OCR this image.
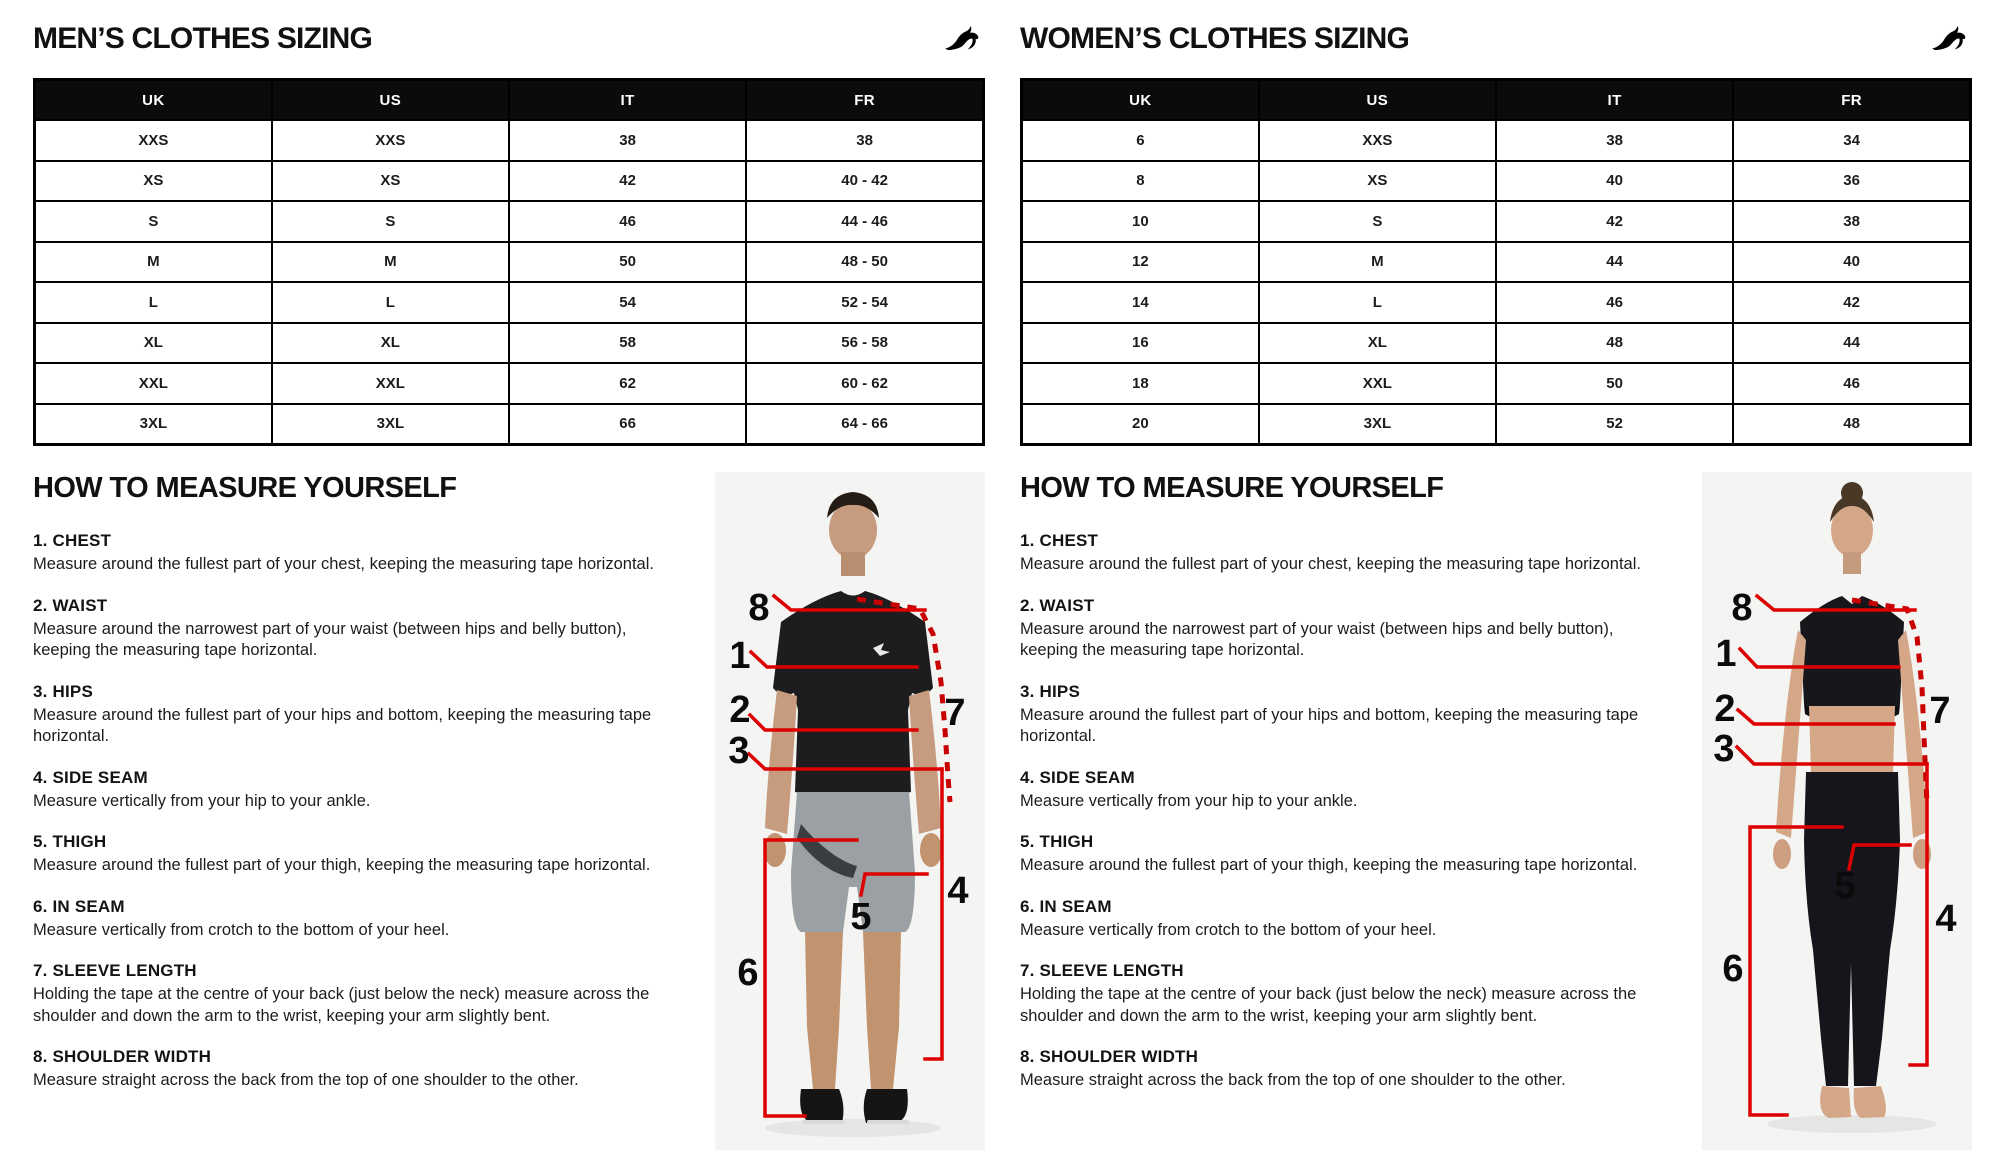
MEN’S CLOTHES SIZING
UK	US	IT	FR
XXS	XXS	38	38
XS	XS	42	40 - 42
S	S	46	44 - 46
M	M	50	48 - 50
L	L	54	52 - 54
XL	XL	58	56 - 58
XXL	XXL	62	60 - 62
3XL	3XL	66	64 - 66
HOW TO MEASURE YOURSELF
1. CHEST

Measure around the fullest part of your chest, keeping the measuring tape horizontal.

2. WAIST

Measure around the narrowest part of your waist (between hips and belly button), keeping the measuring tape horizontal.

3. HIPS

Measure around the fullest part of your hips and bottom, keeping the measuring tape horizontal.

4. SIDE SEAM

Measure vertically from your hip to your ankle.

5. THIGH

Measure around the fullest part of your thigh, keeping the measuring tape horizontal.

6. IN SEAM

Measure vertically from crotch to the bottom of your heel.

7. SLEEVE LENGTH

Holding the tape at the centre of your back (just below the neck) measure across the shoulder and down the arm to the wrist, keeping your arm slightly bent.

8. SHOULDER WIDTH

Measure straight across the back from the top of one shoulder to the other.

8
1
2
3
7
4
5
6
WOMEN’S CLOTHES SIZING
UK	US	IT	FR
6	XXS	38	34
8	XS	40	36
10	S	42	38
12	M	44	40
14	L	46	42
16	XL	48	44
18	XXL	50	46
20	3XL	52	48
HOW TO MEASURE YOURSELF
1. CHEST

Measure around the fullest part of your chest, keeping the measuring tape horizontal.

2. WAIST

Measure around the narrowest part of your waist (between hips and belly button), keeping the measuring tape horizontal.

3. HIPS

Measure around the fullest part of your hips and bottom, keeping the measuring tape horizontal.

4. SIDE SEAM

Measure vertically from your hip to your ankle.

5. THIGH

Measure around the fullest part of your thigh, keeping the measuring tape horizontal.

6. IN SEAM

Measure vertically from crotch to the bottom of your heel.

7. SLEEVE LENGTH

Holding the tape at the centre of your back (just below the neck) measure across the shoulder and down the arm to the wrist, keeping your arm slightly bent.

8. SHOULDER WIDTH

Measure straight across the back from the top of one shoulder to the other.

8
1
2
3
7
4
5
6
